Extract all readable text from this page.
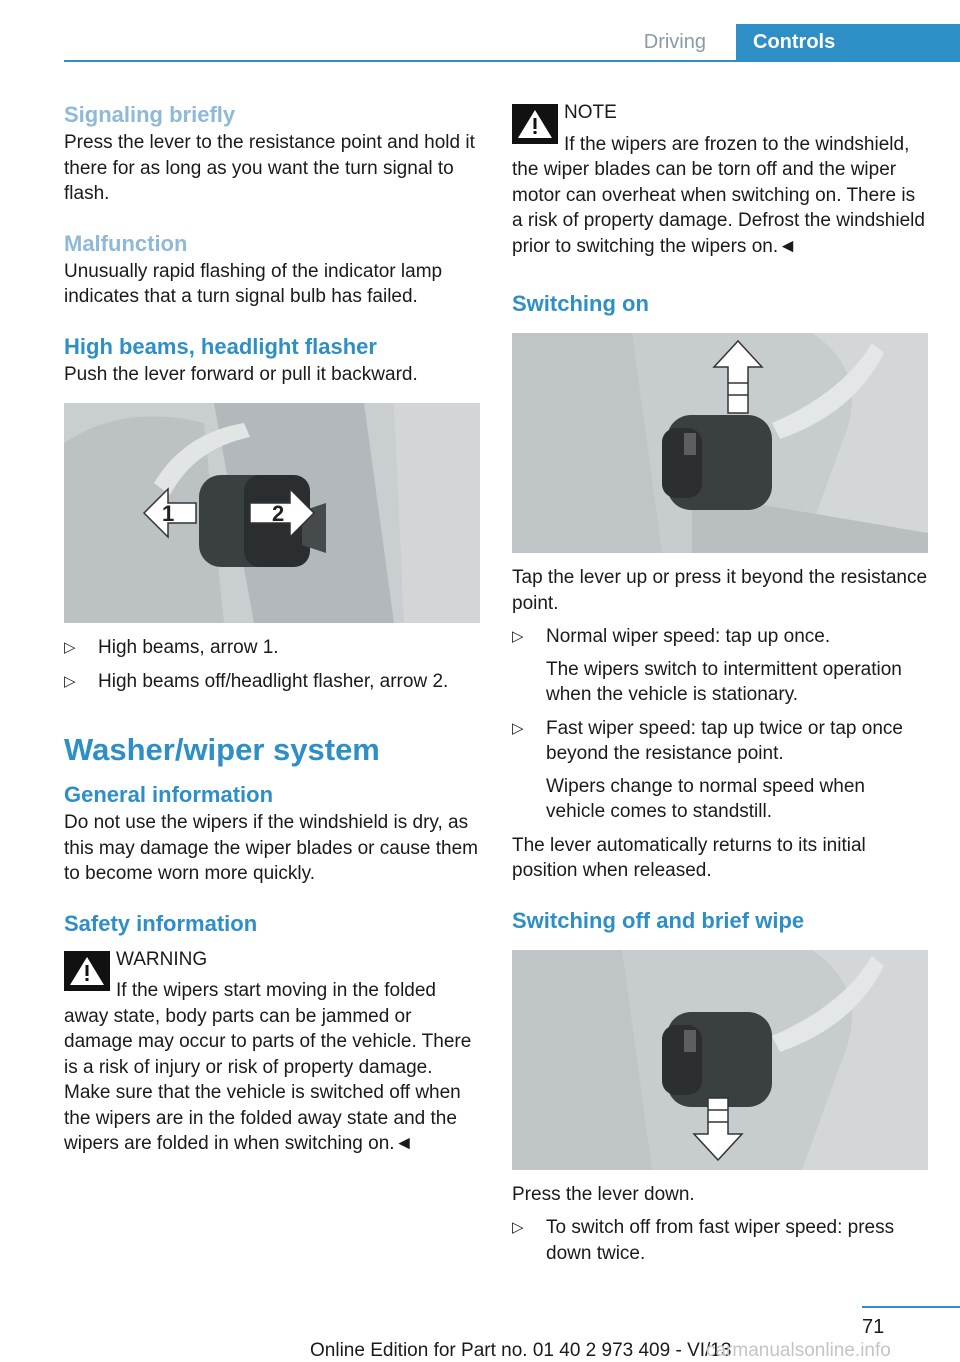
Driving	Controls
Signaling briefly

Press the lever to the resistance point and hold it there for as long as you want the turn signal to flash.

Malfunction

Unusually rapid flashing of the indicator lamp indicates that a turn signal bulb has failed.

High beams, headlight flasher

Push the lever forward or pull it backward.

1	2
▷ High beams, arrow 1.
▷ High beams off/headlight flasher, arrow 2.
Washer/wiper system
General information

Do not use the wipers if the windshield is dry, as this may damage the wiper blades or cause them to become worn more quickly.

Safety information
WARNING
If the wipers start moving in the folded

away state, body parts can be jammed or damage may occur to parts of the vehicle. There is a risk of injury or risk of property damage. Make sure that the vehicle is switched off when the wipers are in the folded away state and the wipers are folded in when switching on.◄

NOTE
If the wipers are frozen to the windshield,

the wiper blades can be torn off and the wiper motor can overheat when switching on. There is a risk of property damage. Defrost the windshield prior to switching the wipers on.◄

Switching on

Tap the lever up or press it beyond the resistance point.

▷ Normal wiper speed: tap up once.
The wipers switch to intermittent operation when the vehicle is stationary.
▷ Fast wiper speed: tap up twice or tap once beyond the resistance point.
Wipers change to normal speed when vehicle comes to standstill.

The lever automatically returns to its initial position when released.

Switching off and brief wipe

Press the lever down.

▷ To switch off from fast wiper speed: press down twice.
71
Online Edition for Part no. 01 40 2 973 409 - VI/13
carmanualsonline.info
